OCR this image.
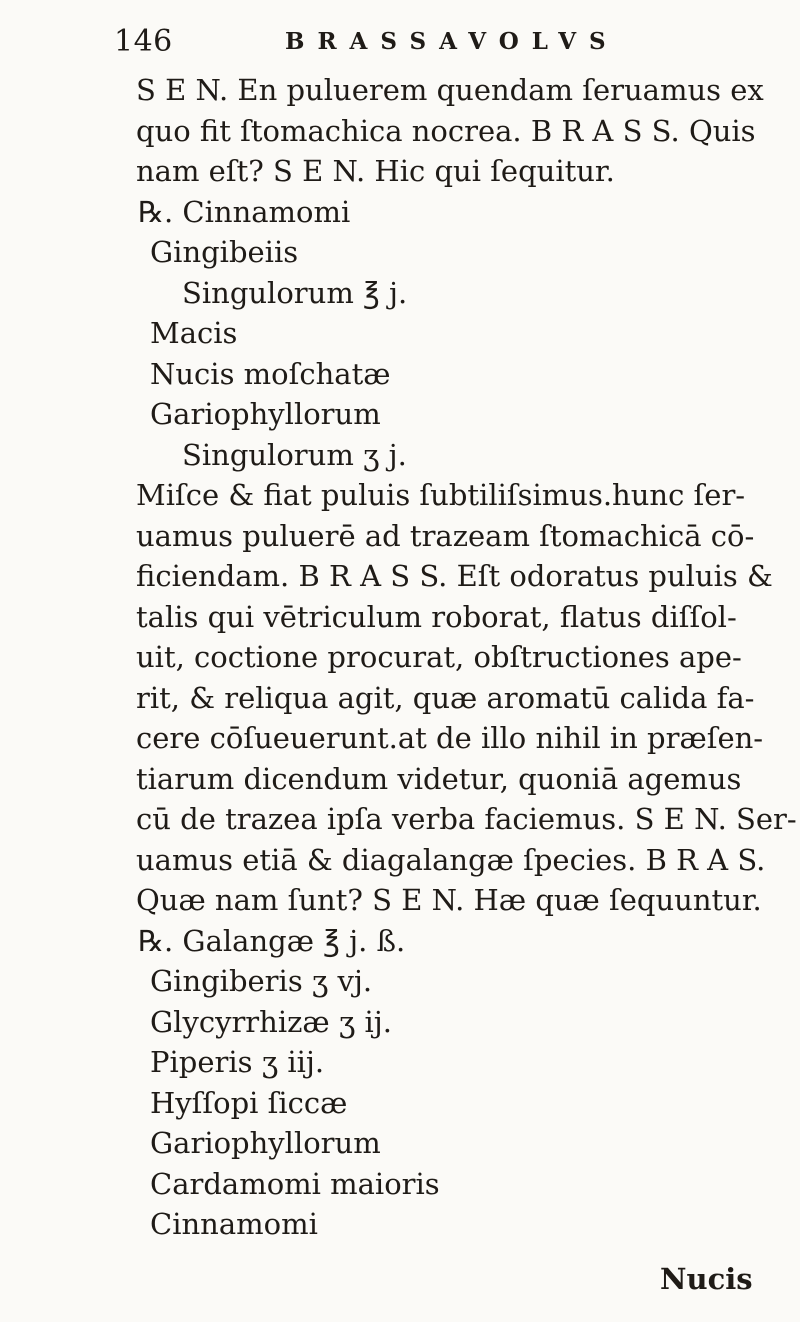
146	BRASSAVOLVS
S E N. En puluerem quendam ſeruamus ex
quo fit ſtomachica nocrea. B R A S S. Quis
nam eſt? S E N. Hic qui ſequitur.
℞. Cinnamomi
Gingibeiis
Singulorum ℥ j.
Macis
Nucis moſchatæ
Gariophyllorum
Singulorum ʒ j.
Miſce & fiat puluis ſubtiliſsimus.hunc ſer-
uamus puluerē ad trazeam ſtomachicā cō-
ficiendam. B R A S S. Eſt odoratus puluis &
talis qui vētriculum roborat, flatus diſſol-
uit, coctione procurat, obſtructiones ape-
rit, & reliqua agit, quæ aromatū calida fa-
cere cōſueuerunt.at de illo nihil in præſen-
tiarum dicendum videtur, quoniā agemus
cū de trazea ipſa verba faciemus. S E N. Ser-
uamus etiā & diagalangæ ſpecies. B R A S.
Quæ nam ſunt? S E N. Hæ quæ ſequuntur.
℞. Galangæ ℥ j. ß.
Gingiberis ʒ vj.
Glycyrrhizæ ʒ ij.
Piperis ʒ iij.
Hyſſopi ſiccæ
Gariophyllorum
Cardamomi maioris
Cinnamomi
Nucis
